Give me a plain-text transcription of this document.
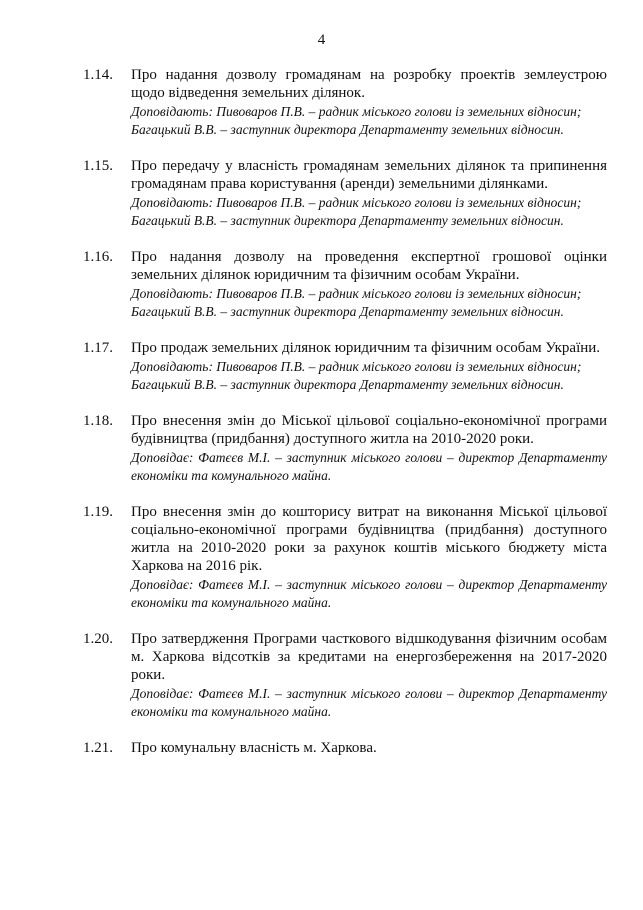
4
1.14.	Про надання дозволу громадянам на розробку проектів землеустрою щодо відведення земельних ділянок.
Доповідають: Пивоваров П.В. – радник міського голови із земельних відносин;
Багацький В.В. – заступник директора Департаменту земельних відносин.
1.15.	Про передачу у власність громадянам земельних ділянок та припинення громадянам права користування (аренди) земельними ділянками.
Доповідають: Пивоваров П.В. – радник міського голови із земельних відносин;
Багацький В.В. – заступник директора Департаменту земельних відносин.
1.16.	Про надання дозволу на проведення експертної грошової оцінки земельних ділянок юридичним та фізичним особам України.
Доповідають: Пивоваров П.В. – радник міського голови із земельних відносин;
Багацький В.В. – заступник директора Департаменту земельних відносин.
1.17.	Про продаж земельних ділянок юридичним та фізичним особам України.
Доповідають: Пивоваров П.В. – радник міського голови із земельних відносин;
Багацький В.В. – заступник директора Департаменту земельних відносин.
1.18.	Про внесення змін до Міської цільової соціально-економічної програми будівництва (придбання) доступного житла на 2010-2020 роки.
Доповідає: Фатєєв М.І. – заступник міського голови – директор Департаменту економіки та комунального майна.
1.19.	Про внесення змін до кошторису витрат на виконання Міської цільової соціально-економічної програми будівництва (придбання) доступного житла на 2010-2020 роки за рахунок коштів міського бюджету міста Харкова на 2016 рік.
Доповідає: Фатєєв М.І. – заступник міського голови – директор Департаменту економіки та комунального майна.
1.20.	Про затвердження Програми часткового відшкодування фізичним особам м. Харкова відсотків за кредитами на енергозбереження на 2017-2020 роки.
Доповідає: Фатєєв М.І. – заступник міського голови – директор Департаменту економіки та комунального майна.
1.21.	Про комунальну власність м. Харкова.
